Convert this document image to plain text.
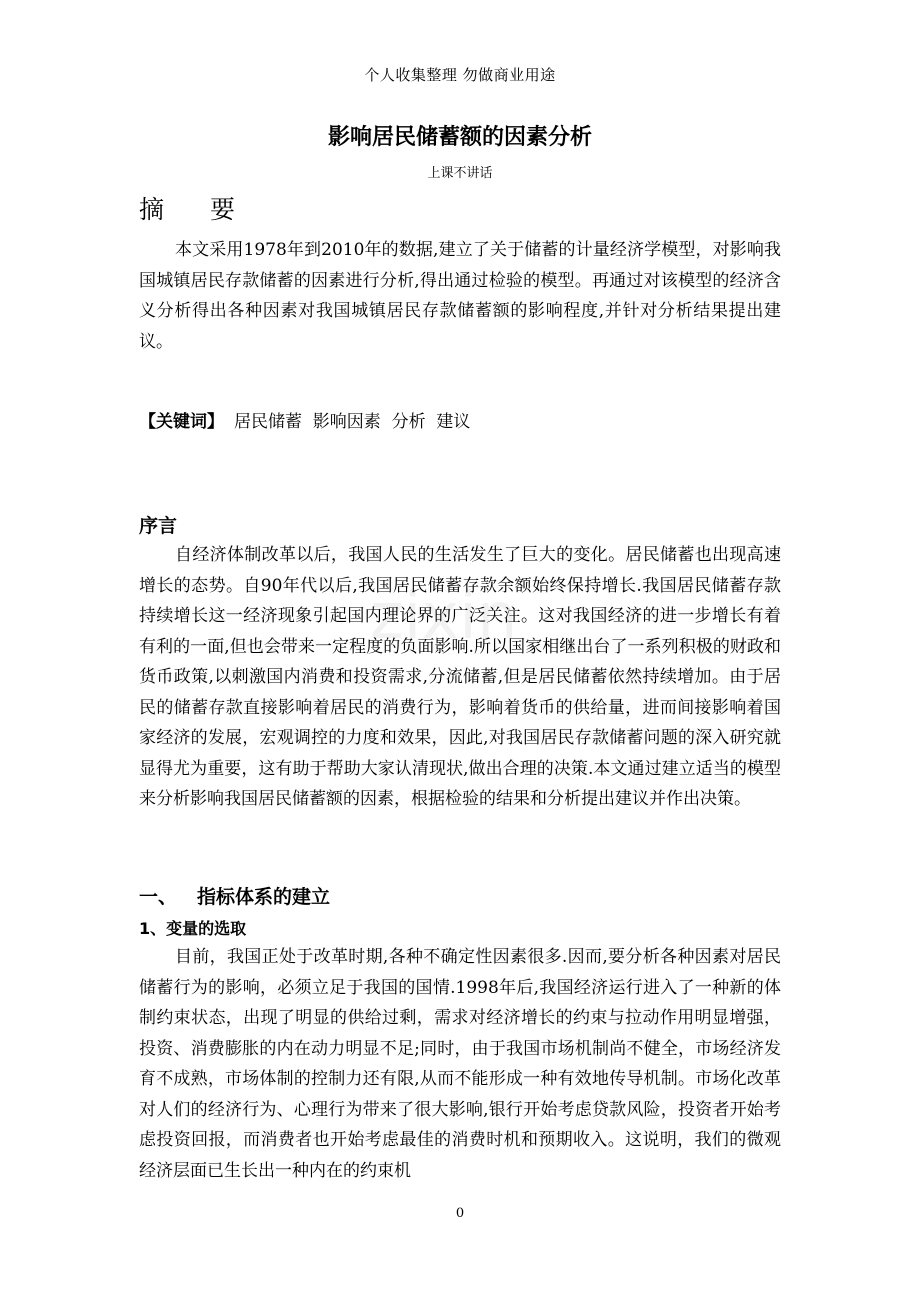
zixin
个人收集整理 勿做商业用途
影响居民储蓄额的因素分析
上课不讲话
摘要

本文采用1978年到2010年的数据,建立了关于储蓄的计量经济学模型，对影响我国城镇居民存款储蓄的因素进行分析,得出通过检验的模型。再通过对该模型的经济含义分析得出各种因素对我国城镇居民存款储蓄额的影响程度,并针对分析结果提出建议。

【关键词】 居民储蓄  影响因素  分析  建议
序言

自经济体制改革以后，我国人民的生活发生了巨大的变化。居民储蓄也出现高速增长的态势。自90年代以后,我国居民储蓄存款余额始终保持增长.我国居民储蓄存款持续增长这一经济现象引起国内理论界的广泛关注。这对我国经济的进一步增长有着有利的一面,但也会带来一定程度的负面影响.所以国家相继出台了一系列积极的财政和货币政策,以刺激国内消费和投资需求,分流储蓄,但是居民储蓄依然持续增加。由于居民的储蓄存款直接影响着居民的消费行为，影响着货币的供给量，进而间接影响着国家经济的发展，宏观调控的力度和效果，因此,对我国居民存款储蓄问题的深入研究就显得尤为重要，这有助于帮助大家认清现状,做出合理的决策.本文通过建立适当的模型来分析影响我国居民储蓄额的因素，根据检验的结果和分析提出建议并作出决策。

一、 指标体系的建立
1、变量的选取

目前，我国正处于改革时期,各种不确定性因素很多.因而,要分析各种因素对居民储蓄行为的影响，必须立足于我国的国情.1998年后,我国经济运行进入了一种新的体制约束状态，出现了明显的供给过剩，需求对经济增长的约束与拉动作用明显增强，投资、消费膨胀的内在动力明显不足;同时，由于我国市场机制尚不健全，市场经济发育不成熟，市场体制的控制力还有限,从而不能形成一种有效地传导机制。市场化改革对人们的经济行为、心理行为带来了很大影响,银行开始考虑贷款风险，投资者开始考虑投资回报，而消费者也开始考虑最佳的消费时机和预期收入。这说明，我们的微观经济层面已生长出一种内在的约束机

0
